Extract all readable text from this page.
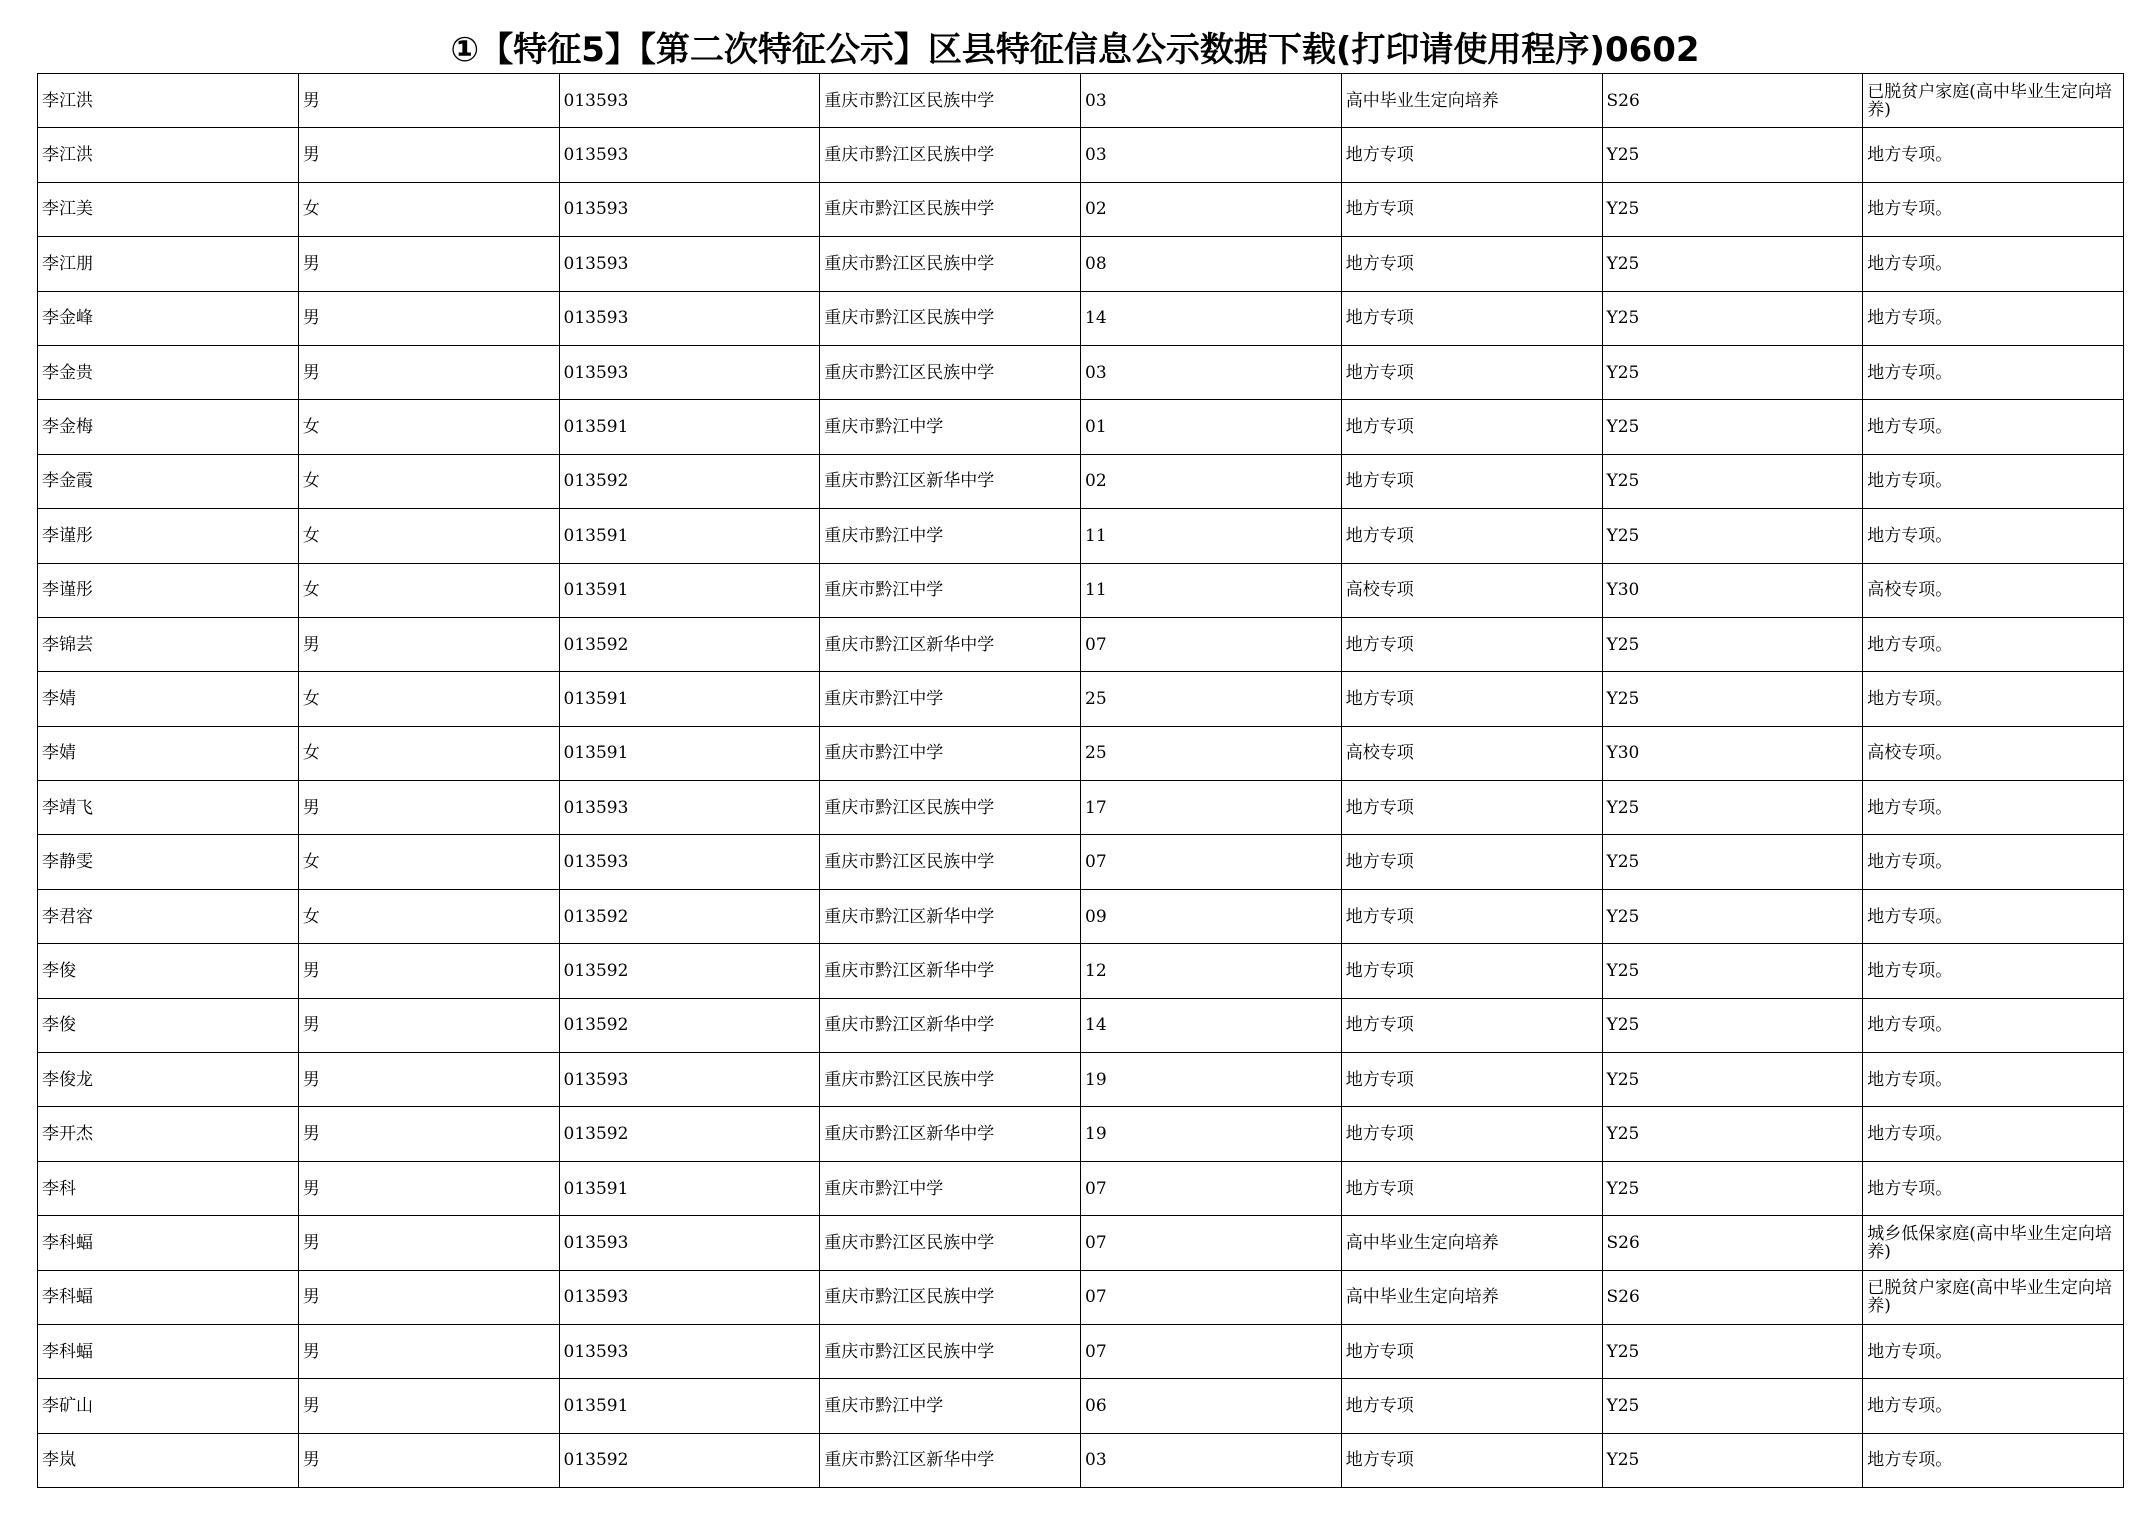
①【特征5】【第二次特征公示】区县特征信息公示数据下载(打印请使用程序)0602
李江洪	男	013593	重庆市黔江区民族中学	03	高中毕业生定向培养	S26	已脱贫户家庭(高中毕业生定向培养)
李江洪	男	013593	重庆市黔江区民族中学	03	地方专项	Y25	地方专项。
李江美	女	013593	重庆市黔江区民族中学	02	地方专项	Y25	地方专项。
李江朋	男	013593	重庆市黔江区民族中学	08	地方专项	Y25	地方专项。
李金峰	男	013593	重庆市黔江区民族中学	14	地方专项	Y25	地方专项。
李金贵	男	013593	重庆市黔江区民族中学	03	地方专项	Y25	地方专项。
李金梅	女	013591	重庆市黔江中学	01	地方专项	Y25	地方专项。
李金霞	女	013592	重庆市黔江区新华中学	02	地方专项	Y25	地方专项。
李谨彤	女	013591	重庆市黔江中学	11	地方专项	Y25	地方专项。
李谨彤	女	013591	重庆市黔江中学	11	高校专项	Y30	高校专项。
李锦芸	男	013592	重庆市黔江区新华中学	07	地方专项	Y25	地方专项。
李婧	女	013591	重庆市黔江中学	25	地方专项	Y25	地方专项。
李婧	女	013591	重庆市黔江中学	25	高校专项	Y30	高校专项。
李靖飞	男	013593	重庆市黔江区民族中学	17	地方专项	Y25	地方专项。
李静雯	女	013593	重庆市黔江区民族中学	07	地方专项	Y25	地方专项。
李君容	女	013592	重庆市黔江区新华中学	09	地方专项	Y25	地方专项。
李俊	男	013592	重庆市黔江区新华中学	12	地方专项	Y25	地方专项。
李俊	男	013592	重庆市黔江区新华中学	14	地方专项	Y25	地方专项。
李俊龙	男	013593	重庆市黔江区民族中学	19	地方专项	Y25	地方专项。
李开杰	男	013592	重庆市黔江区新华中学	19	地方专项	Y25	地方专项。
李科	男	013591	重庆市黔江中学	07	地方专项	Y25	地方专项。
李科蝠	男	013593	重庆市黔江区民族中学	07	高中毕业生定向培养	S26	城乡低保家庭(高中毕业生定向培养)
李科蝠	男	013593	重庆市黔江区民族中学	07	高中毕业生定向培养	S26	已脱贫户家庭(高中毕业生定向培养)
李科蝠	男	013593	重庆市黔江区民族中学	07	地方专项	Y25	地方专项。
李矿山	男	013591	重庆市黔江中学	06	地方专项	Y25	地方专项。
李岚	男	013592	重庆市黔江区新华中学	03	地方专项	Y25	地方专项。
